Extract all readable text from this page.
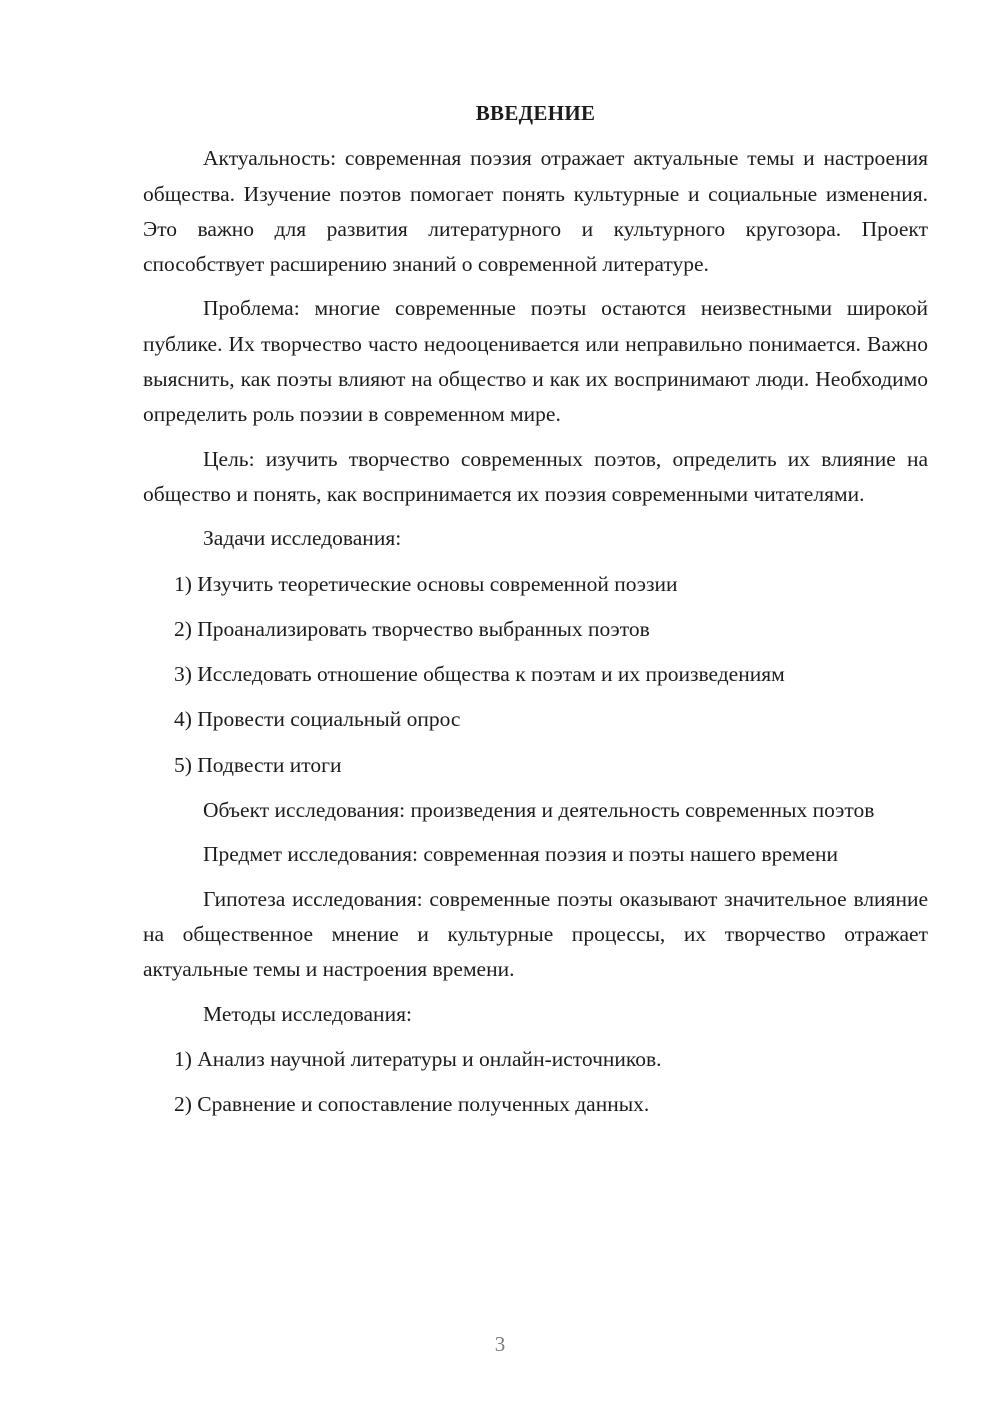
ВВЕДЕНИЕ

Актуальность: современная поэзия отражает актуальные темы и настроения общества. Изучение поэтов помогает понять культурные и социальные изменения. Это важно для развития литературного и культурного кругозора. Проект способствует расширению знаний о современной литературе.

Проблема: многие современные поэты остаются неизвестными широкой публике. Их творчество часто недооценивается или неправильно понимается. Важно выяснить, как поэты влияют на общество и как их воспринимают люди. Необходимо определить роль поэзии в современном мире.

Цель: изучить творчество современных поэтов, определить их влияние на общество и понять, как воспринимается их поэзия современными читателями.

Задачи исследования:

1) Изучить теоретические основы современной поэзии
2) Проанализировать творчество выбранных поэтов
3) Исследовать отношение общества к поэтам и их произведениям
4) Провести социальный опрос
5) Подвести итоги

Объект исследования: произведения и деятельность современных поэтов

Предмет исследования: современная поэзия и поэты нашего времени

Гипотеза исследования: современные поэты оказывают значительное влияние на общественное мнение и культурные процессы, их творчество отражает актуальные темы и настроения времени.

Методы исследования:

1) Анализ научной литературы и онлайн-источников.
2) Сравнение и сопоставление полученных данных.
3
